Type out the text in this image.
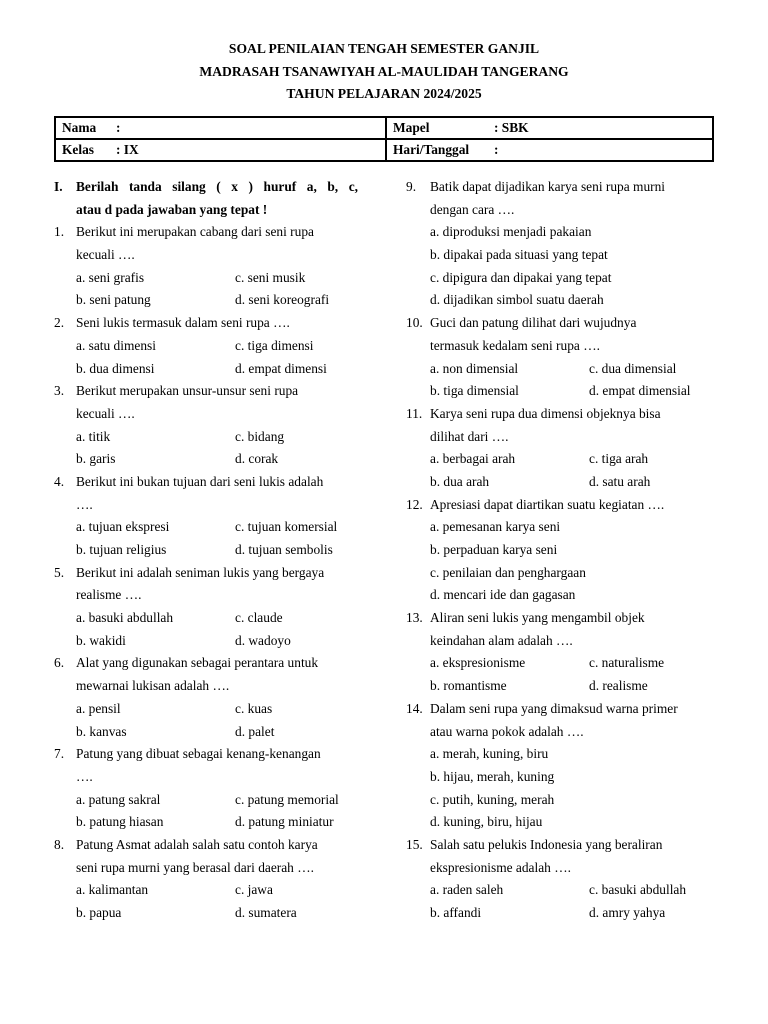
SOAL PENILAIAN TENGAH SEMESTER GANJIL
MADRASAH TSANAWIYAH AL-MAULIDAH TANGERANG
TAHUN PELAJARAN 2024/2025
Nama :	Mapel : SBK
Kelas : IX	Hari/Tanggal :
I. Berilah tanda silang ( x ) huruf a, b, c,
atau d pada jawaban yang tepat !
1. Berikut ini merupakan cabang dari seni rupa
kecuali ….
a. seni grafis	c. seni musik
b. seni patung	d. seni koreografi
2. Seni lukis termasuk dalam seni rupa ….
a. satu dimensi	c. tiga dimensi
b. dua dimensi	d. empat dimensi
3. Berikut merupakan unsur-unsur seni rupa
kecuali ….
a. titik	c. bidang
b. garis	d. corak
4. Berikut ini bukan tujuan dari seni lukis adalah
….
a. tujuan ekspresi	c. tujuan komersial
b. tujuan religius	d. tujuan sembolis
5. Berikut ini adalah seniman lukis yang bergaya
realisme ….
a. basuki abdullah	c. claude
b. wakidi	d. wadoyo
6. Alat yang digunakan sebagai perantara untuk
mewarnai lukisan adalah ….
a. pensil	c. kuas
b. kanvas	d. palet
7. Patung yang dibuat sebagai kenang-kenangan
….
a. patung sakral	c. patung memorial
b. patung hiasan	d. patung miniatur
8. Patung Asmat adalah salah satu contoh karya
seni rupa murni yang berasal dari daerah ….
a. kalimantan	c. jawa
b. papua	d. sumatera
9. Batik dapat dijadikan karya seni rupa murni
dengan cara ….
a. diproduksi menjadi pakaian
b. dipakai pada situasi yang tepat
c. dipigura dan dipakai yang tepat
d. dijadikan simbol suatu daerah
10. Guci dan patung dilihat dari wujudnya
termasuk kedalam seni rupa ….
a. non dimensial	c. dua dimensial
b. tiga dimensial	d. empat dimensial
11. Karya seni rupa dua dimensi objeknya bisa
dilihat dari ….
a. berbagai arah	c. tiga arah
b. dua arah	d. satu arah
12. Apresiasi dapat diartikan suatu kegiatan ….
a. pemesanan karya seni
b. perpaduan karya seni
c. penilaian dan penghargaan
d. mencari ide dan gagasan
13. Aliran seni lukis yang mengambil objek
keindahan alam adalah ….
a. ekspresionisme	c. naturalisme
b. romantisme	d. realisme
14. Dalam seni rupa yang dimaksud warna primer
atau warna pokok adalah ….
a. merah, kuning, biru
b. hijau, merah, kuning
c. putih, kuning, merah
d. kuning, biru, hijau
15. Salah satu pelukis Indonesia yang beraliran
ekspresionisme adalah ….
a. raden saleh	c. basuki abdullah
b. affandi	d. amry yahya
